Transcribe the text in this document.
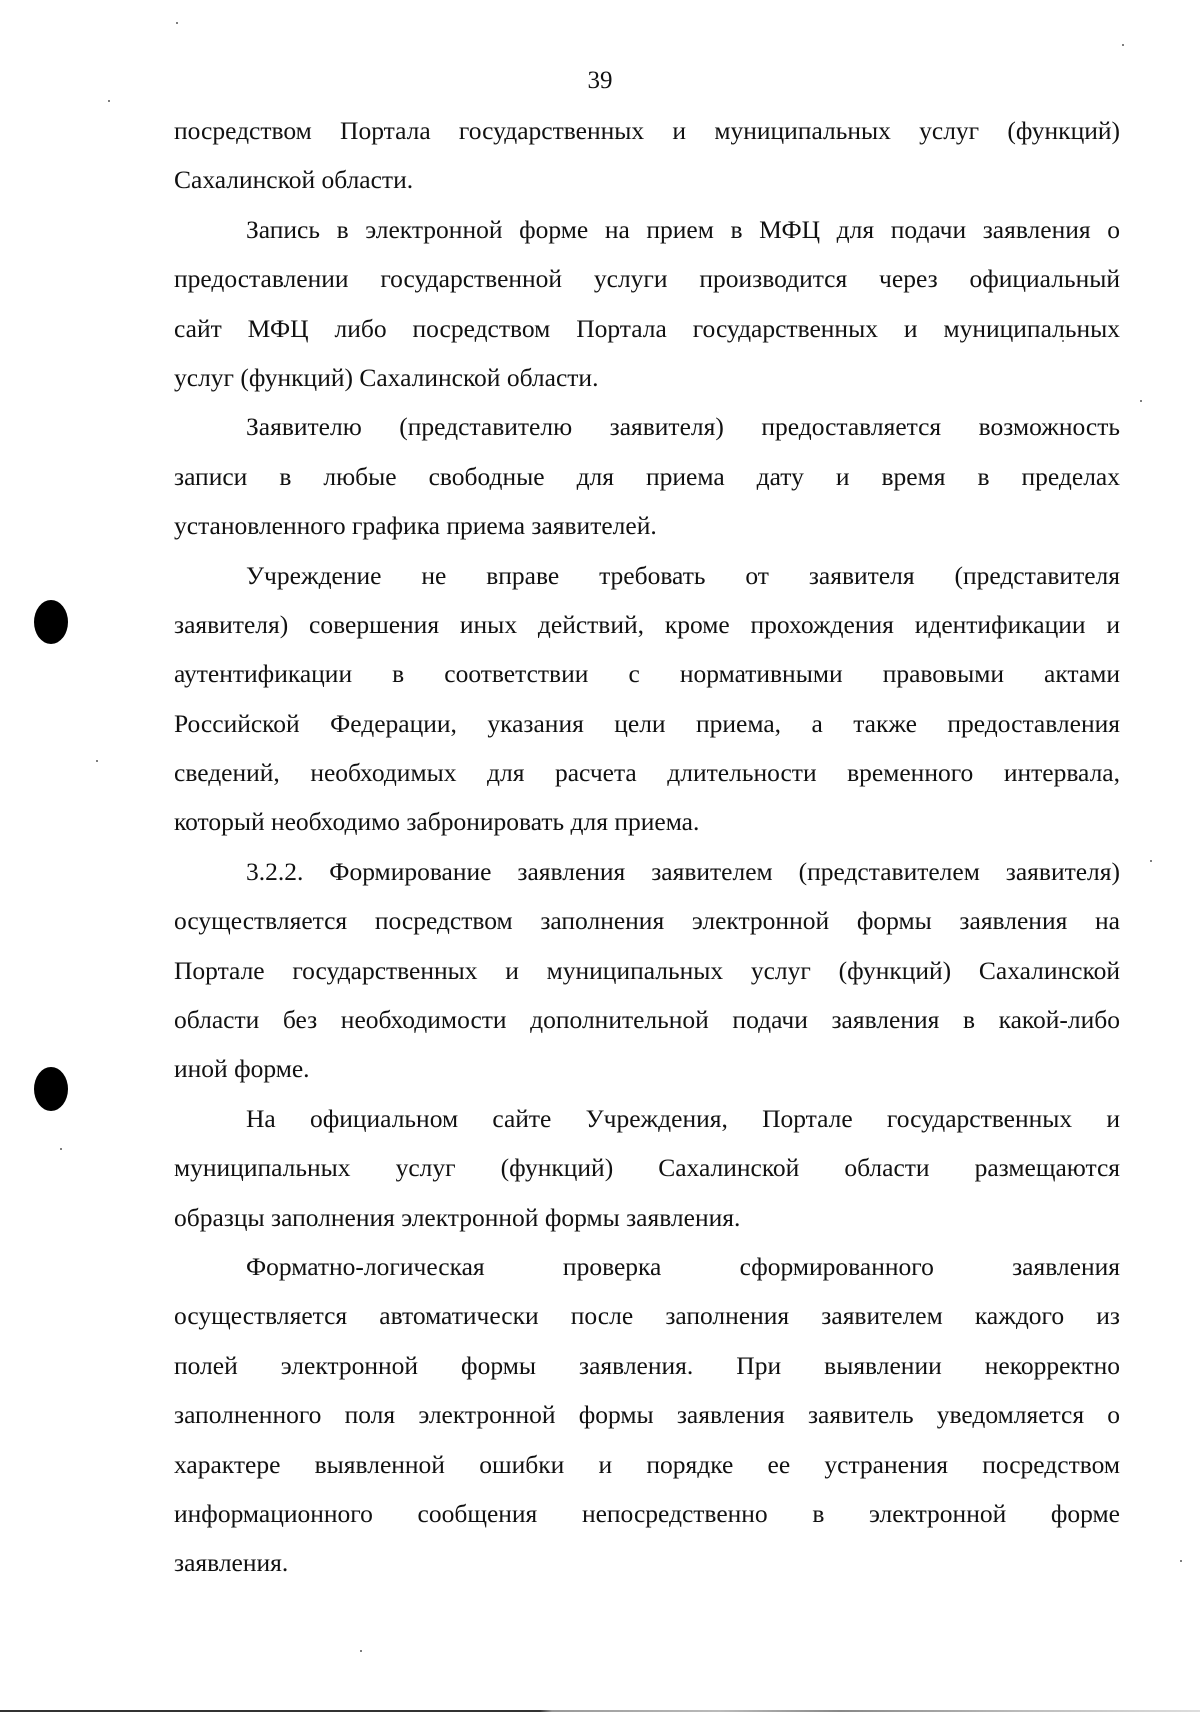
39
посредством Портала государственных и муниципальных услуг (функций)
Сахалинской области.
Запись в электронной форме на прием в МФЦ для подачи заявления о
предоставлении государственной услуги производится через официальный
сайт МФЦ либо посредством Портала государственных и муниципальных
услуг (функций) Сахалинской области.
Заявителю (представителю заявителя) предоставляется возможность
записи в любые свободные для приема дату и время в пределах
установленного графика приема заявителей.
Учреждение не вправе требовать от заявителя (представителя
заявителя) совершения иных действий, кроме прохождения идентификации и
аутентификации в соответствии с нормативными правовыми актами
Российской Федерации, указания цели приема, а также предоставления
сведений, необходимых для расчета длительности временного интервала,
который необходимо забронировать для приема.
3.2.2. Формирование заявления заявителем (представителем заявителя)
осуществляется посредством заполнения электронной формы заявления на
Портале государственных и муниципальных услуг (функций) Сахалинской
области без необходимости дополнительной подачи заявления в какой-либо
иной форме.
На официальном сайте Учреждения, Портале государственных и
муниципальных услуг (функций) Сахалинской области размещаются
образцы заполнения электронной формы заявления.
Форматно-логическая проверка сформированного заявления
осуществляется автоматически после заполнения заявителем каждого из
полей электронной формы заявления. При выявлении некорректно
заполненного поля электронной формы заявления заявитель уведомляется о
характере выявленной ошибки и порядке ее устранения посредством
информационного сообщения непосредственно в электронной форме
заявления.
